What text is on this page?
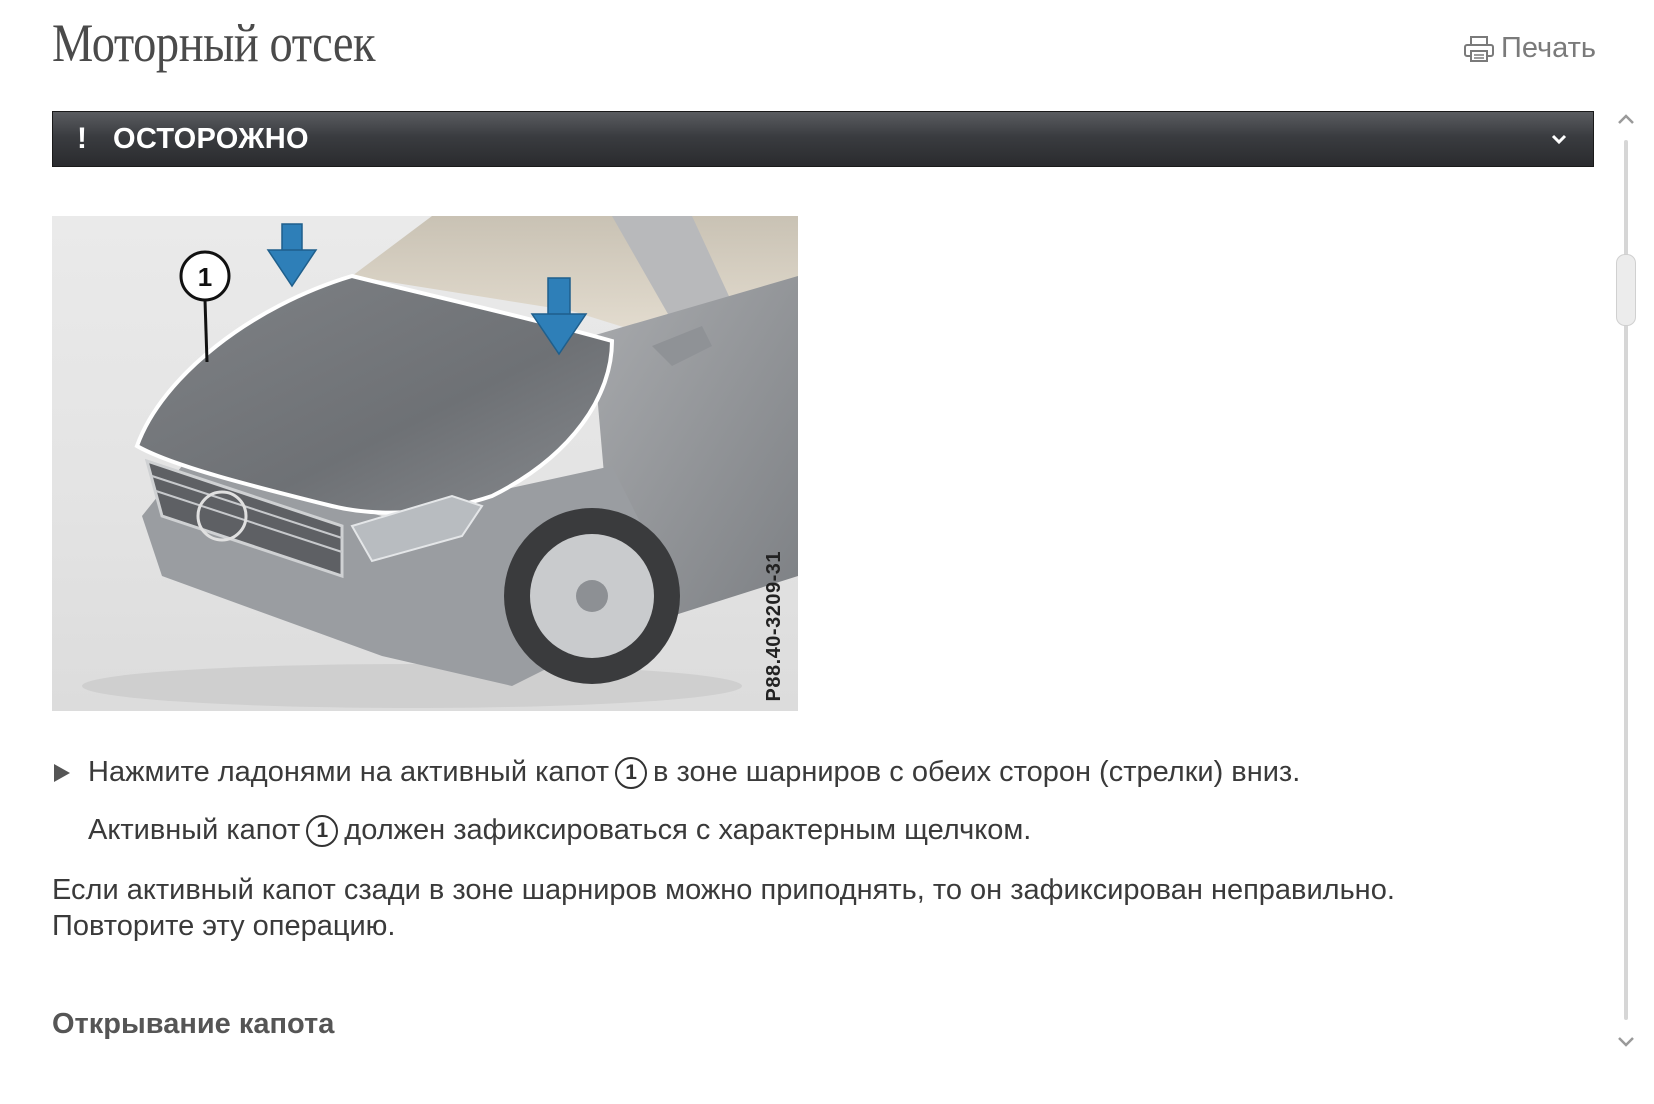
Моторный отсек	Печать
! ОСТОРОЖНО
1
P88.40-3209-31
Нажмите ладонями на активный капот 1 в зоне шарниров с обеих сторон (стрелки) вниз.
Активный капот 1 должен зафиксироваться с характерным щелчком.
Если активный капот сзади в зоне шарниров можно приподнять, то он зафиксирован неправильно.
Повторите эту операцию.
Открывание капота
